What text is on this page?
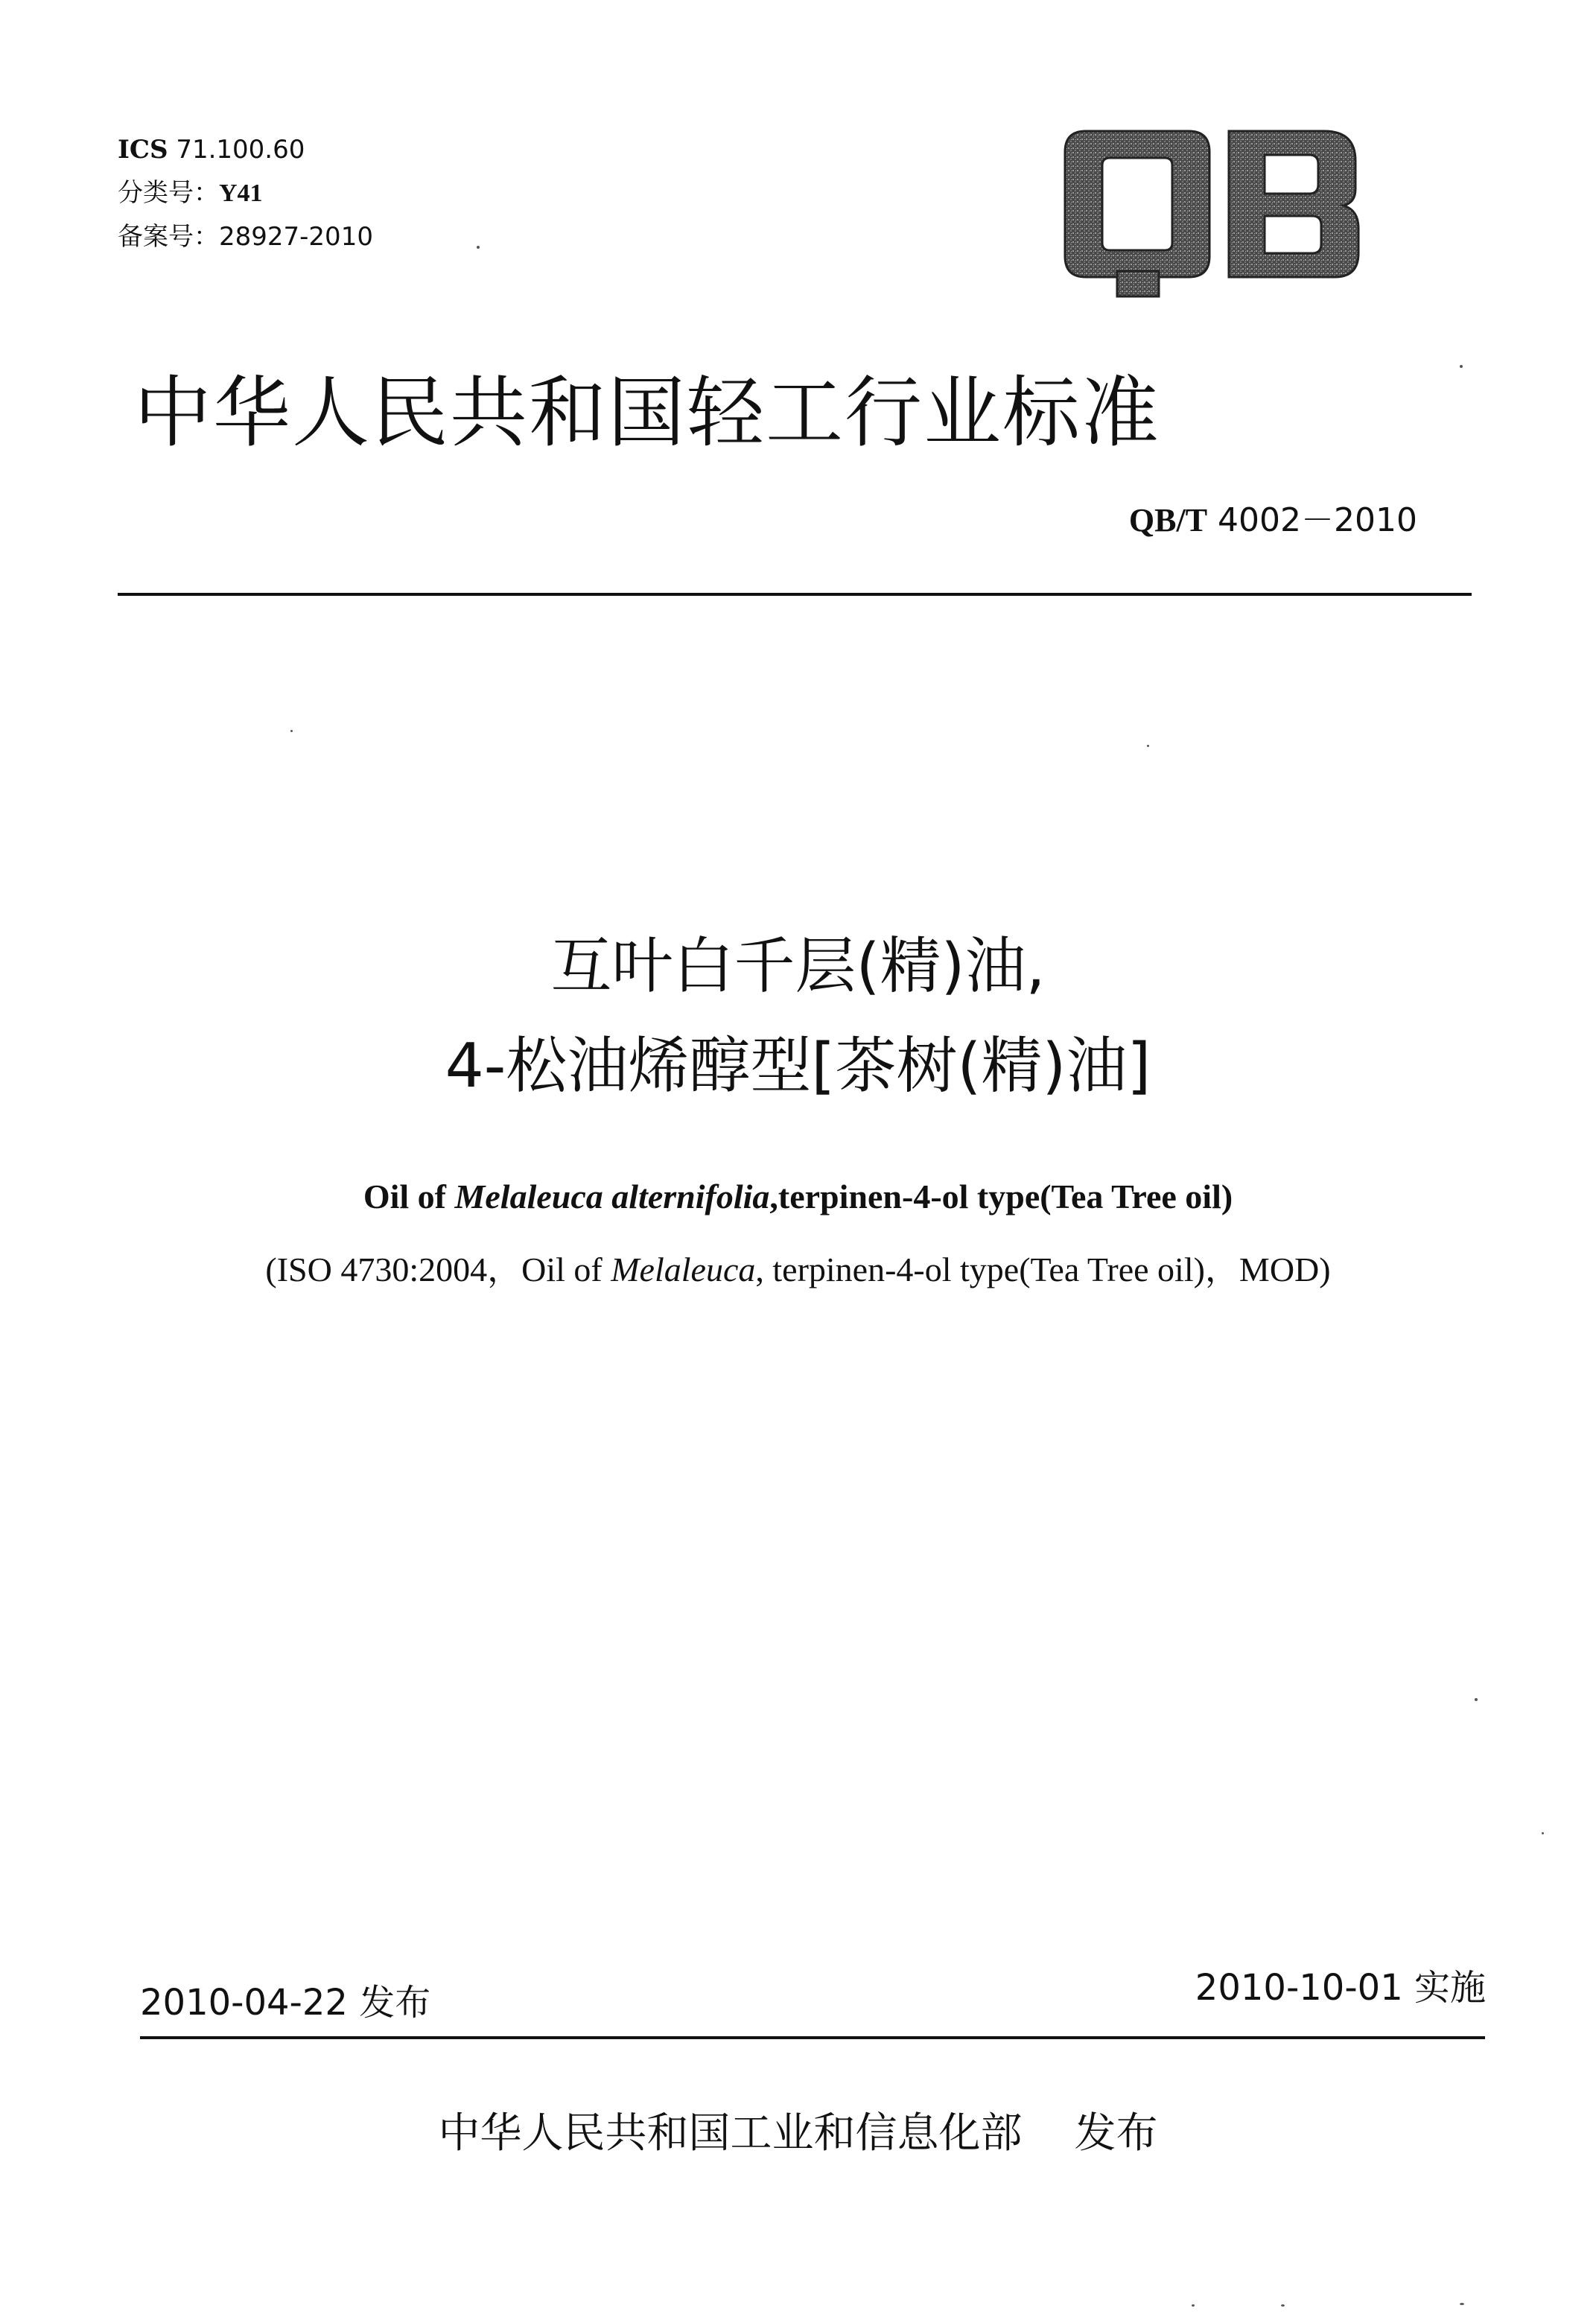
ICS 71.100.60
分类号：Y41
备案号：28927-2010
中华人民共和国轻工行业标准
QB/T 4002－2010
互叶白千层(精)油,
4-松油烯醇型[茶树(精)油]
Oil of Melaleuca alternifolia,terpinen-4-ol type(Tea Tree oil)
(ISO 4730:2004，Oil of Melaleuca, terpinen-4-ol type(Tea Tree oil)，MOD)
2010-04-22 发布	2010-10-01 实施
中华人民共和国工业和信息化部 发布
